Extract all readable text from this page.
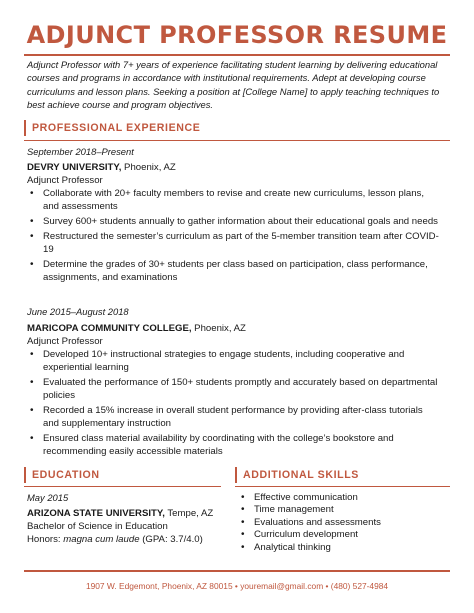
ADJUNCT PROFESSOR RESUME
Adjunct Professor with 7+ years of experience facilitating student learning by delivering educational courses and programs in accordance with institutional requirements. Adept at developing course curriculums and lesson plans. Seeking a position at [College Name] to apply teaching techniques to best achieve course and program objectives.
PROFESSIONAL EXPERIENCE
September 2018–Present
DEVRY UNIVERSITY, Phoenix, AZ
Adjunct Professor
• Collaborate with 20+ faculty members to revise and create new curriculums, lesson plans, and assessments
• Survey 600+ students annually to gather information about their educational goals and needs
• Restructured the semester’s curriculum as part of the 5-member transition team after COVID-19
• Determine the grades of 30+ students per class based on participation, class performance, assignments, and examinations
June 2015–August 2018
MARICOPA COMMUNITY COLLEGE, Phoenix, AZ
Adjunct Professor
• Developed 10+ instructional strategies to engage students, including cooperative and experiential learning
• Evaluated the performance of 150+ students promptly and accurately based on departmental policies
• Recorded a 15% increase in overall student performance by providing after-class tutorials and supplementary instruction
• Ensured class material availability by coordinating with the college’s bookstore and recommending easily accessible materials
EDUCATION
May 2015
ARIZONA STATE UNIVERSITY, Tempe, AZ
Bachelor of Science in Education
Honors: magna cum laude (GPA: 3.7/4.0)
ADDITIONAL SKILLS
• Effective communication
• Time management
• Evaluations and assessments
• Curriculum development
• Analytical thinking
1907 W. Edgemont, Phoenix, AZ 80015 • youremail@gmail.com • (480) 527-4984
